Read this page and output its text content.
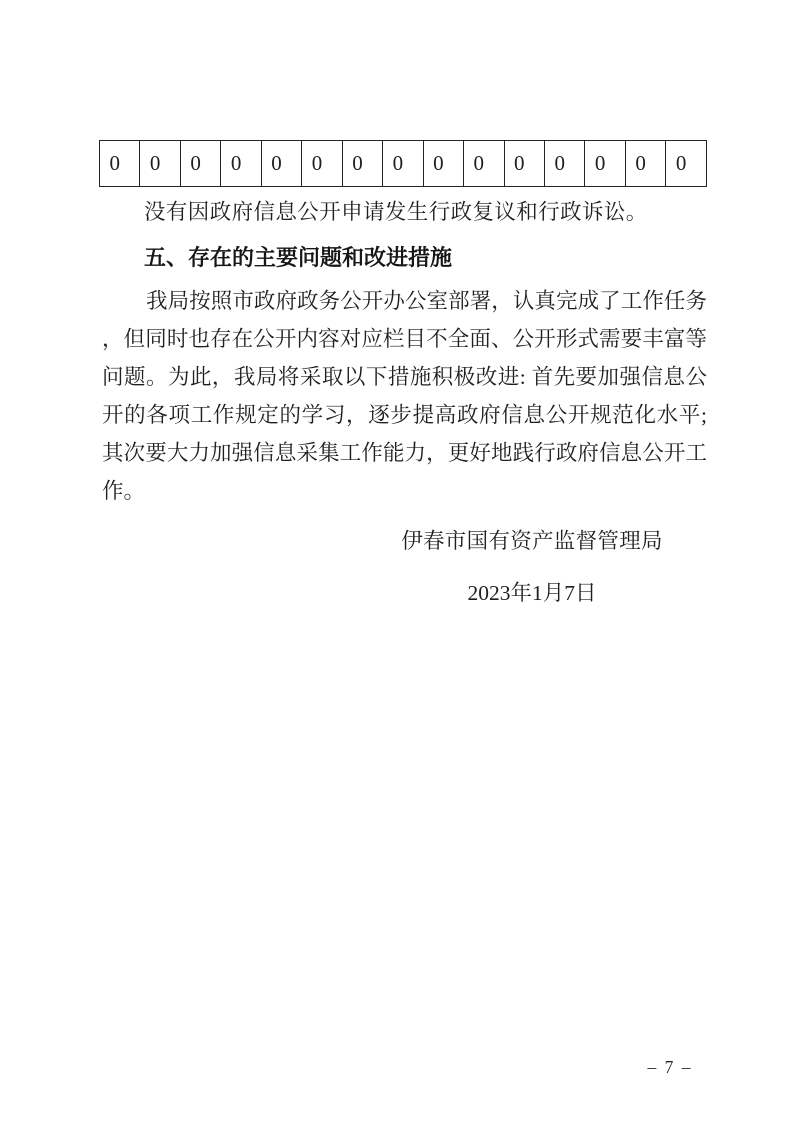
0	0	0	0	0	0	0	0	0	0	0	0	0	0	0
没有因政府信息公开申请发生行政复议和行政诉讼。
五、存在的主要问题和改进措施
我局按照市政府政务公开办公室部署，认真完成了工作任务
，但同时也存在公开内容对应栏目不全面、公开形式需要丰富等
问题。为此，我局将采取以下措施积极改进: 首先要加强信息公
开的各项工作规定的学习，逐步提高政府信息公开规范化水平;
其次要大力加强信息采集工作能力，更好地践行政府信息公开工
作。
伊春市国有资产监督管理局
2023年1月7日
– 7 –
